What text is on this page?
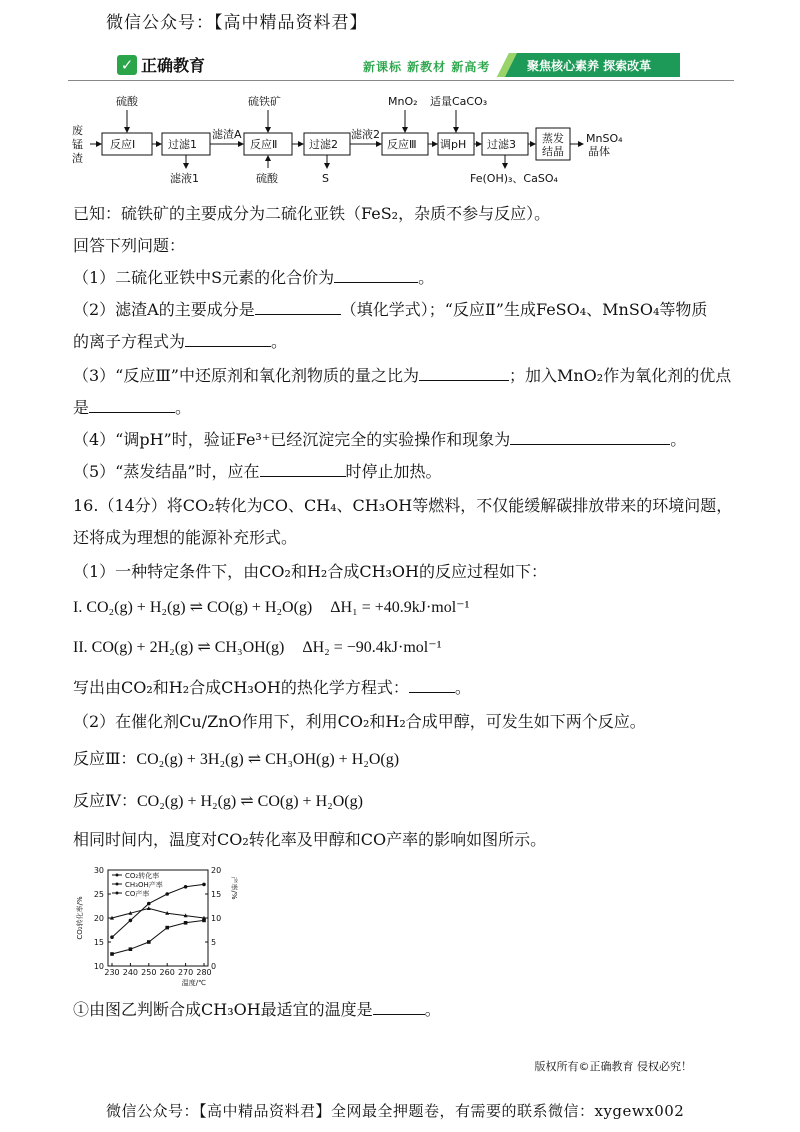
微信公众号：【高中精品资料君】
✓ 正确教育	新课标 新教材 新高考	聚焦核心素养 探索改革
废
锰
渣
反应Ⅰ	过滤1	反应Ⅱ	过滤2	反应Ⅲ 调pH 过滤3 蒸发
结晶
硫酸	硫铁矿	MnO₂ 适量CaCO₃
滤渣A	滤液2
滤液1	硫酸	S	Fe(OH)₃、CaSO₄
MnSO₄
晶体
已知：硫铁矿的主要成分为二硫化亚铁（FeS₂，杂质不参与反应）。
回答下列问题：
（1）二硫化亚铁中S元素的化合价为	。
（2）滤渣A的主要成分是	（填化学式）；“反应Ⅱ”生成FeSO₄、MnSO₄等物质
的离子方程式为	。
（3）“反应Ⅲ”中还原剂和氧化剂物质的量之比为	；加入MnO₂作为氧化剂的优点
是	。
（4）“调pH”时，验证Fe³⁺已经沉淀完全的实验操作和现象为	。
（5）“蒸发结晶”时，应在	时停止加热。
16.（14分）将CO₂转化为CO、CH₄、CH₃OH等燃料，不仅能缓解碳排放带来的环境问题，
还将成为理想的能源补充形式。
（1）一种特定条件下，由CO₂和H₂合成CH₃OH的反应过程如下：
I. CO₂(g) + H₂(g) ⇌ CO(g) + H₂O(g) ΔH₁ = +40.9kJ·mol⁻¹
II. CO(g) + 2H₂(g) ⇌ CH₃OH(g) ΔH₂ = −90.4kJ·mol⁻¹
写出由CO₂和H₂合成CH₃OH的热化学方程式：	。
（2）在催化剂Cu/ZnO作用下，利用CO₂和H₂合成甲醇，可发生如下两个反应。
反应Ⅲ：CO₂(g) + 3H₂(g) ⇌ CH₃OH(g) + H₂O(g)
反应Ⅳ：CO₂(g) + H₂(g) ⇌ CO(g) + H₂O(g)
相同时间内，温度对CO₂转化率及甲醇和CO产率的影响如图所示。
10
15
20
25
30
0
5
10
15
20
230 240 250 260 270 280
温度/℃
CO₂转化率/%
产率/%
CO₂转化率
CH₃OH产率
CO产率
①由图乙判断合成CH₃OH最适宜的温度是	。
版权所有©正确教育 侵权必究！
微信公众号：【高中精品资料君】全网最全押题卷，有需要的联系微信：xygewx002
